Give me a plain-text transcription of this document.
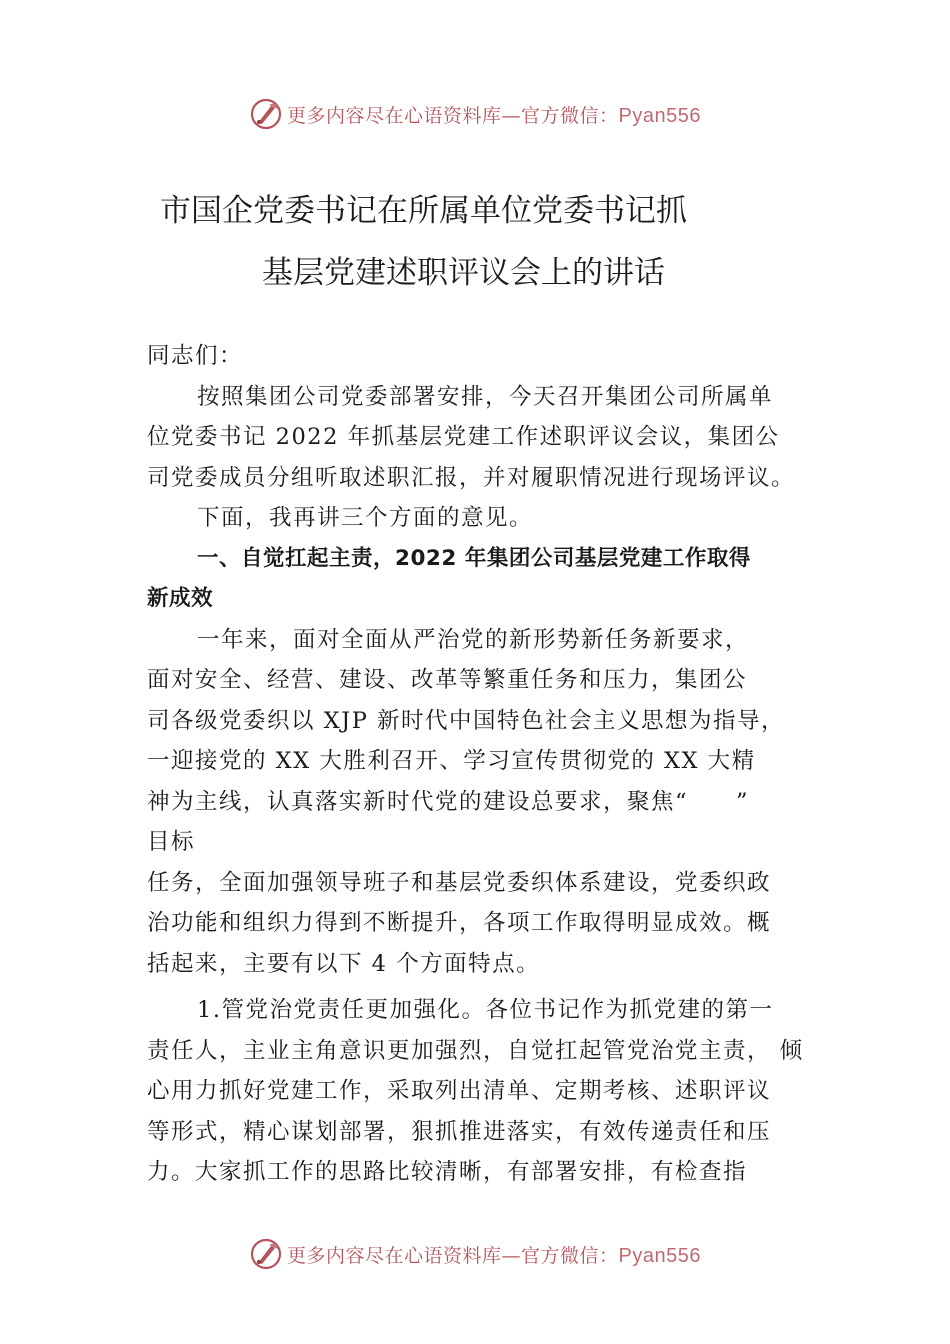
更多内容尽在心语资料库—官方微信：Pyan556
市国企党委书记在所属单位党委书记抓
基层党建述职评议会上的讲话
同志们：
按照集团公司党委部署安排，今天召开集团公司所属单
位党委书记 2022 年抓基层党建工作述职评议会议，集团公
司党委成员分组听取述职汇报，并对履职情况进行现场评议。
下面，我再讲三个方面的意见。
一、自觉扛起主责，2022 年集团公司基层党建工作取得
新成效
一年来，面对全面从严治党的新形势新任务新要求，
面对安全、经营、建设、改革等繁重任务和压力，集团公
司各级党委织以 XJP 新时代中国特色社会主义思想为指导，
一迎接党的 XX 大胜利召开、学习宣传贯彻党的 XX 大精
神为主线，认真落实新时代党的建设总要求，聚焦“　　”
目标
任务，全面加强领导班子和基层党委织体系建设，党委织政
治功能和组织力得到不断提升，各项工作取得明显成效。概
括起来，主要有以下 4 个方面特点。
1.管党治党责任更加强化。各位书记作为抓党建的第一
责任人，主业主角意识更加强烈，自觉扛起管党治党主责， 倾
心用力抓好党建工作，采取列出清单、定期考核、述职评议
等形式，精心谋划部署，狠抓推进落实，有效传递责任和压
力。大家抓工作的思路比较清晰，有部署安排，有检查指
更多内容尽在心语资料库—官方微信：Pyan556
